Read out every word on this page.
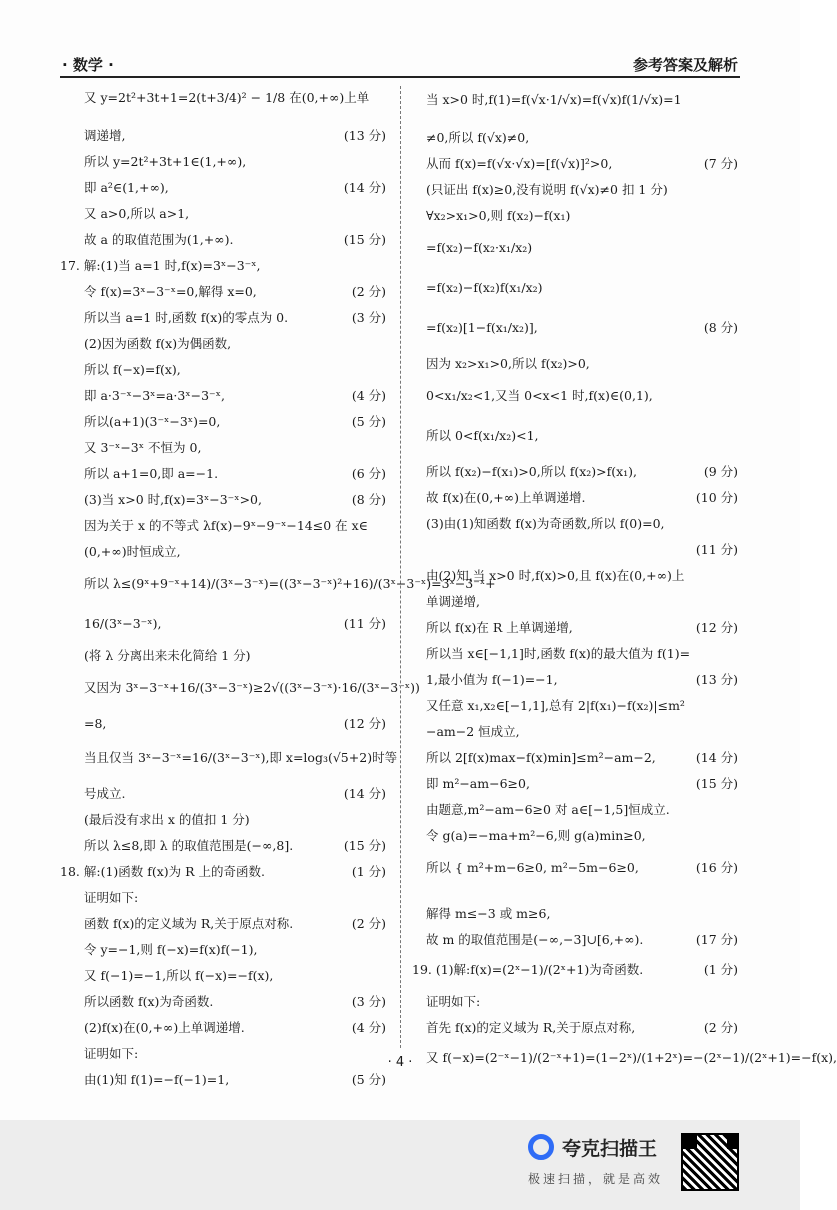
· 数学 ·	参考答案及解析
又 y=2t²+3t+1=2(t+3/4)² − 1/8 在(0,+∞)上单
调递增,	(13 分)
所以 y=2t²+3t+1∈(1,+∞),
即 a²∈(1,+∞),	(14 分)
又 a>0,所以 a>1,
故 a 的取值范围为(1,+∞).	(15 分)
17. 解:(1)当 a=1 时,f(x)=3ˣ−3⁻ˣ,
令 f(x)=3ˣ−3⁻ˣ=0,解得 x=0,	(2 分)
所以当 a=1 时,函数 f(x)的零点为 0.	(3 分)
(2)因为函数 f(x)为偶函数,
所以 f(−x)=f(x),
即 a·3⁻ˣ−3ˣ=a·3ˣ−3⁻ˣ,	(4 分)
所以(a+1)(3⁻ˣ−3ˣ)=0,	(5 分)
又 3⁻ˣ−3ˣ 不恒为 0,
所以 a+1=0,即 a=−1.	(6 分)
(3)当 x>0 时,f(x)=3ˣ−3⁻ˣ>0,	(8 分)
因为关于 x 的不等式 λf(x)−9ˣ−9⁻ˣ−14≤0 在 x∈
(0,+∞)时恒成立,
所以 λ≤(9ˣ+9⁻ˣ+14)/(3ˣ−3⁻ˣ)=((3ˣ−3⁻ˣ)²+16)/(3ˣ−3⁻ˣ)=3ˣ−3⁻ˣ+
16/(3ˣ−3⁻ˣ),	(11 分)
(将 λ 分离出来未化简给 1 分)
又因为 3ˣ−3⁻ˣ+16/(3ˣ−3⁻ˣ)≥2√((3ˣ−3⁻ˣ)·16/(3ˣ−3⁻ˣ))
=8,	(12 分)
当且仅当 3ˣ−3⁻ˣ=16/(3ˣ−3⁻ˣ),即 x=log₃(√5+2)时等
号成立.	(14 分)
(最后没有求出 x 的值扣 1 分)
所以 λ≤8,即 λ 的取值范围是(−∞,8].	(15 分)
18. 解:(1)函数 f(x)为 R 上的奇函数.	(1 分)
证明如下:
函数 f(x)的定义域为 R,关于原点对称.	(2 分)
令 y=−1,则 f(−x)=f(x)f(−1),
又 f(−1)=−1,所以 f(−x)=−f(x),
所以函数 f(x)为奇函数.	(3 分)
(2)f(x)在(0,+∞)上单调递增.	(4 分)
证明如下:
由(1)知 f(1)=−f(−1)=1,	(5 分)
当 x>0 时,f(1)=f(√x·1/√x)=f(√x)f(1/√x)=1
≠0,所以 f(√x)≠0,
从而 f(x)=f(√x·√x)=[f(√x)]²>0,	(7 分)
(只证出 f(x)≥0,没有说明 f(√x)≠0 扣 1 分)
∀x₂>x₁>0,则 f(x₂)−f(x₁)
=f(x₂)−f(x₂·x₁/x₂)
=f(x₂)−f(x₂)f(x₁/x₂)
=f(x₂)[1−f(x₁/x₂)],	(8 分)
因为 x₂>x₁>0,所以 f(x₂)>0,
0<x₁/x₂<1,又当 0<x<1 时,f(x)∈(0,1),
所以 0<f(x₁/x₂)<1,
所以 f(x₂)−f(x₁)>0,所以 f(x₂)>f(x₁),	(9 分)
故 f(x)在(0,+∞)上单调递增.	(10 分)
(3)由(1)知函数 f(x)为奇函数,所以 f(0)=0,
(11 分)
由(2)知,当 x>0 时,f(x)>0,且 f(x)在(0,+∞)上
单调递增,
所以 f(x)在 R 上单调递增,	(12 分)
所以当 x∈[−1,1]时,函数 f(x)的最大值为 f(1)=
1,最小值为 f(−1)=−1,	(13 分)
又任意 x₁,x₂∈[−1,1],总有 2|f(x₁)−f(x₂)|≤m²
−am−2 恒成立,
所以 2[f(x)max−f(x)min]≤m²−am−2,	(14 分)
即 m²−am−6≥0,	(15 分)
由题意,m²−am−6≥0 对 a∈[−1,5]恒成立.
令 g(a)=−ma+m²−6,则 g(a)min≥0,
所以 { m²+m−6≥0, m²−5m−6≥0,	(16 分)
解得 m≤−3 或 m≥6,
故 m 的取值范围是(−∞,−3]∪[6,+∞).	(17 分)
19. (1)解:f(x)=(2ˣ−1)/(2ˣ+1)为奇函数.	(1 分)
证明如下:
首先 f(x)的定义域为 R,关于原点对称,	(2 分)
又 f(−x)=(2⁻ˣ−1)/(2⁻ˣ+1)=(1−2ˣ)/(1+2ˣ)=−(2ˣ−1)/(2ˣ+1)=−f(x),
· 4 ·
夸克扫描王
极速扫描，就是高效
